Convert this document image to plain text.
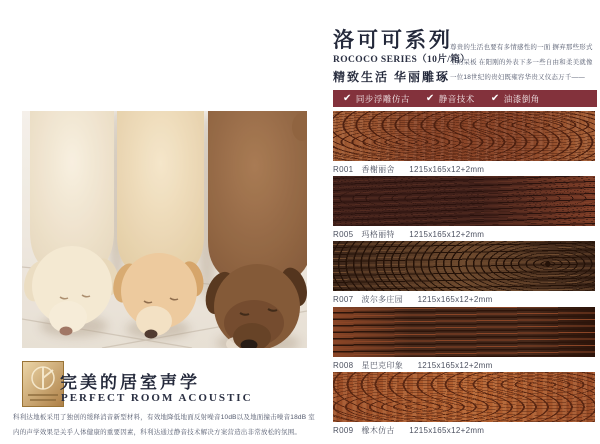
洛可可系列
ROCOCO SERIES（10片/箱）
精致生活 华丽雕琢
尊贵的生活也要有多情感性的一面 摒弃那些形式
上的呆板 在阳刚的外表下多一些自由和柔美就像
一位18世纪的贵妇既雍容华贵又仪态万千——
✔ 同步浮雕仿古 ✔ 静音技术 ✔ 油漆倒角
R001 香榭丽舍 1215x165x12+2mm
R005 玛格丽特 1215x165x12+2mm
R007 波尔多庄园 1215x165x12+2mm
R008 星巴克印象 1215x165x12+2mm
R009 橡木仿古 1215x165x12+2mm
完美的居室声学
PERFECT ROOM ACOUSTIC
科利达地板采用了独创的缓释消音新型材料，有效地降低地面反射噪音10dB以及地面撞击噪音18dB 室
内的声学效果是关乎人体健康的重要因素，科利达通过静音技术解决方案营造出非常放松的氛围。
